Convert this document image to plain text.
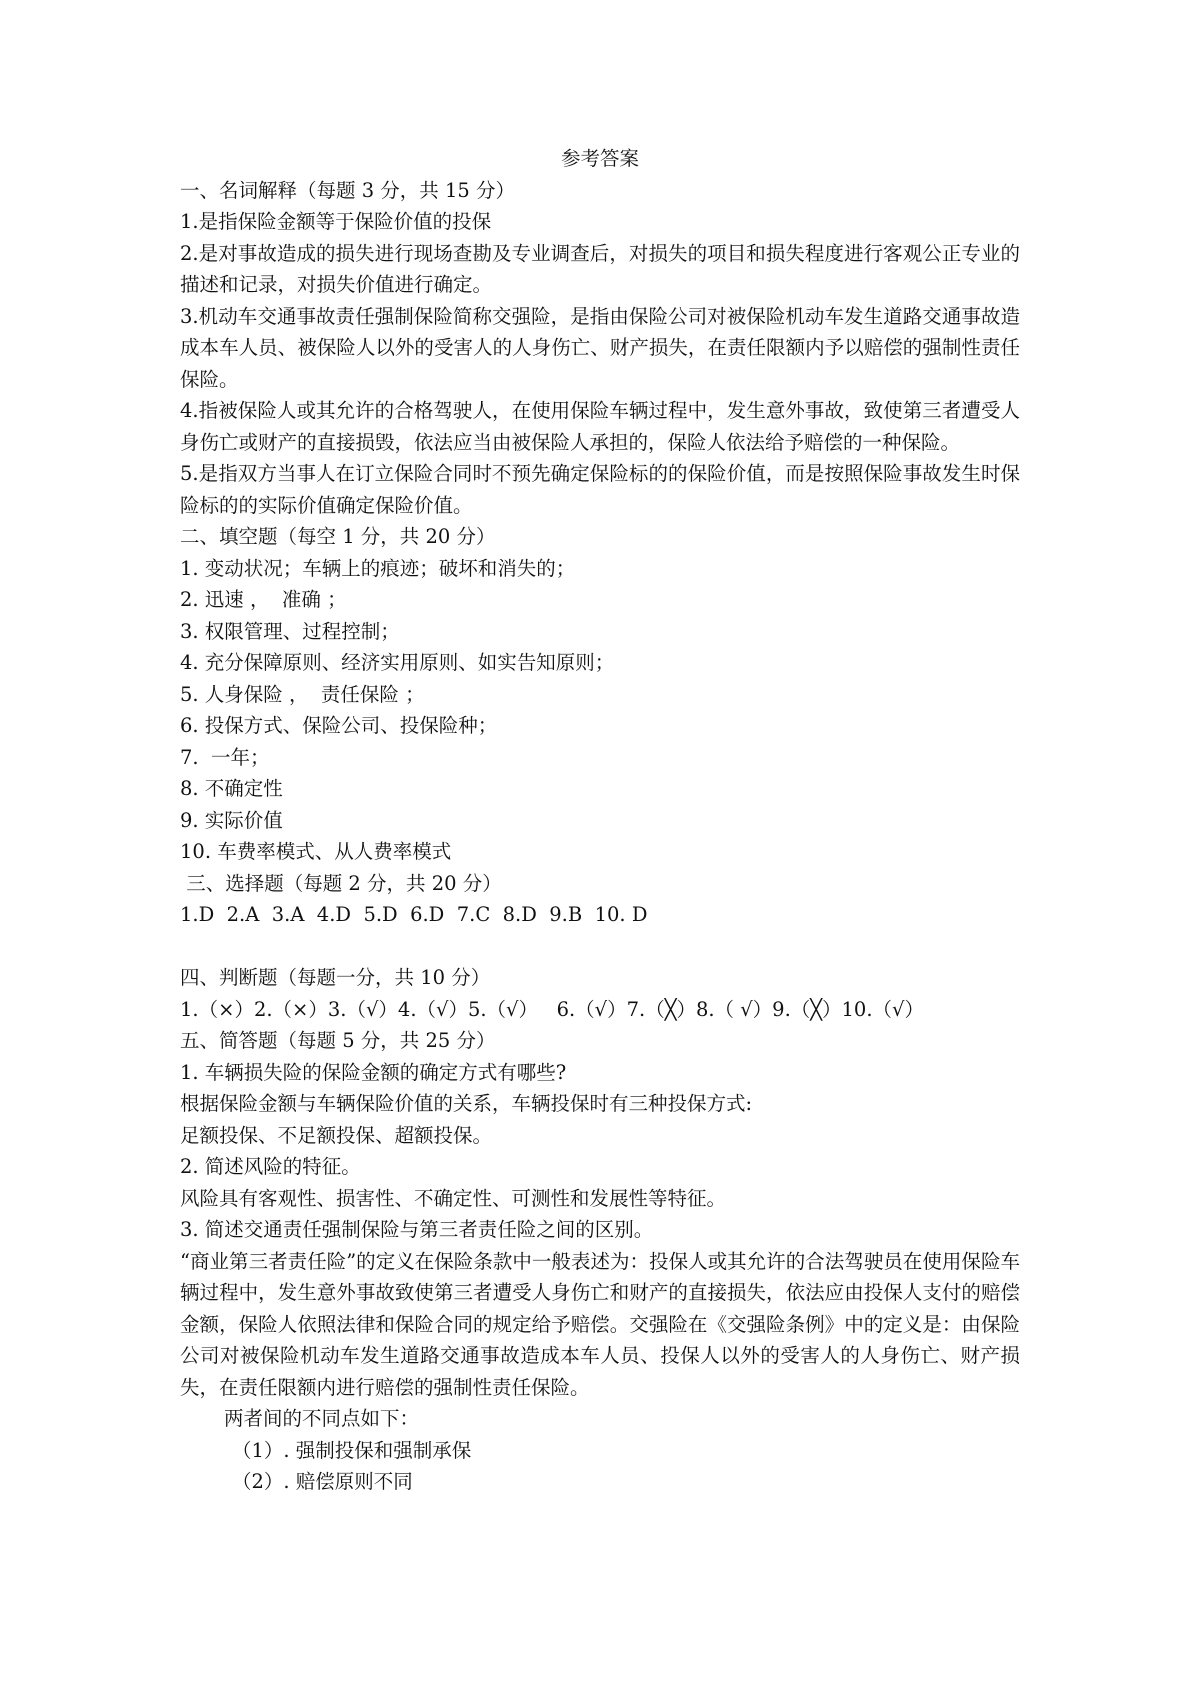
参考答案

一、名词解释（每题 3 分，共 15 分）

1.是指保险金额等于保险价值的投保

2.是对事故造成的损失进行现场查勘及专业调查后，对损失的项目和损失程度进行客观公正专业的描述和记录，对损失价值进行确定。

3.机动车交通事故责任强制保险简称交强险，是指由保险公司对被保险机动车发生道路交通事故造成本车人员、被保险人以外的受害人的人身伤亡、财产损失，在责任限额内予以赔偿的强制性责任保险。

4.指被保险人或其允许的合格驾驶人，在使用保险车辆过程中，发生意外事故，致使第三者遭受人身伤亡或财产的直接损毁，依法应当由被保险人承担的，保险人依法给予赔偿的一种保险。

5.是指双方当事人在订立保险合同时不预先确定保险标的的保险价值，而是按照保险事故发生时保险标的的实际价值确定保险价值。

二、填空题（每空 1 分，共 20 分）

1. 变动状况；车辆上的痕迹；破坏和消失的；

2. 迅速 ，  准确 ；

3. 权限管理、过程控制；

4. 充分保障原则、经济实用原则、如实告知原则；

5. 人身保险 ，  责任保险 ；

6. 投保方式、保险公司、投保险种；

7.  一年；

8. 不确定性

9. 实际价值

10. 车费率模式、从人费率模式

三、选择题（每题 2 分，共 20 分）

1.D  2.A  3.A  4.D  5.D  6.D  7.C  8.D  9.B  10. D

四、判断题（每题一分，共 10 分）

1.（×）2.（×）3.（√）4.（√）5.（√）   6.（√）7.（╳）8.（ √）9.（╳）10.（√）

五、简答题（每题 5 分，共 25 分）

1. 车辆损失险的保险金额的确定方式有哪些?

根据保险金额与车辆保险价值的关系，车辆投保时有三种投保方式:

足额投保、不足额投保、超额投保。

2. 简述风险的特征。

风险具有客观性、损害性、不确定性、可测性和发展性等特征。

3. 简述交通责任强制保险与第三者责任险之间的区别。

“商业第三者责任险”的定义在保险条款中一般表述为：投保人或其允许的合法驾驶员在使用保险车辆过程中，发生意外事故致使第三者遭受人身伤亡和财产的直接损失，依法应由投保人支付的赔偿金额，保险人依照法律和保险合同的规定给予赔偿。交强险在《交强险条例》中的定义是：由保险公司对被保险机动车发生道路交通事故造成本车人员、投保人以外的受害人的人身伤亡、财产损失，在责任限额内进行赔偿的强制性责任保险。

两者间的不同点如下：

（1）. 强制投保和强制承保

（2）. 赔偿原则不同
